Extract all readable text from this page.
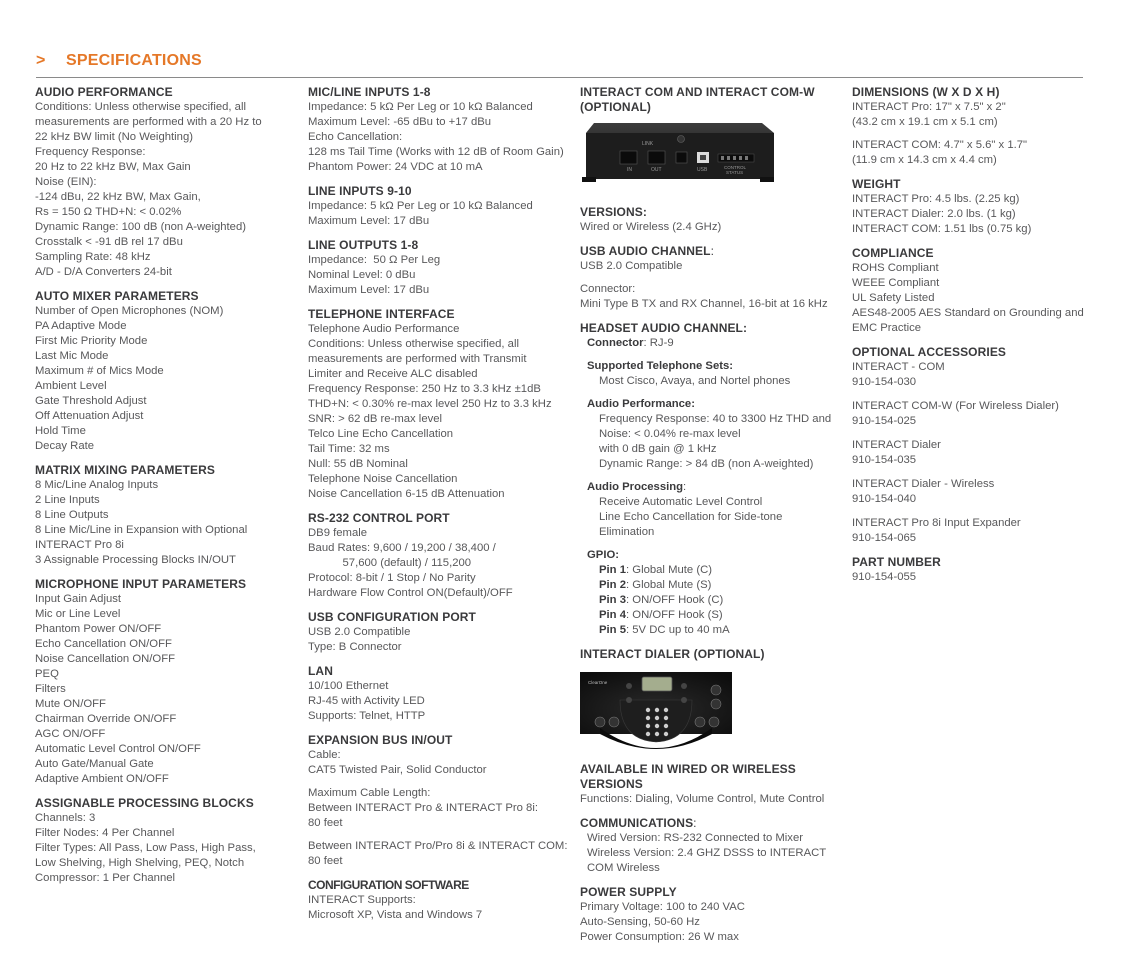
> SPECIFICATIONS
AUDIO PERFORMANCE
Conditions: Unless otherwise specified, all
measurements are performed with a 20 Hz to
22 kHz BW limit (No Weighting)
Frequency Response:
20 Hz to 22 kHz BW, Max Gain
Noise (EIN):
-124 dBu, 22 kHz BW, Max Gain,
Rs = 150 Ω THD+N: < 0.02%
Dynamic Range: 100 dB (non A-weighted)
Crosstalk < -91 dB rel 17 dBu
Sampling Rate: 48 kHz
A/D - D/A Converters 24-bit
AUTO MIXER PARAMETERS
Number of Open Microphones (NOM)
PA Adaptive Mode
First Mic Priority Mode
Last Mic Mode
Maximum # of Mics Mode
Ambient Level
Gate Threshold Adjust
Off Attenuation Adjust
Hold Time
Decay Rate
MATRIX MIXING PARAMETERS
8 Mic/Line Analog Inputs
2 Line Inputs
8 Line Outputs
8 Line Mic/Line in Expansion with Optional
INTERACT Pro 8i
3 Assignable Processing Blocks IN/OUT
MICROPHONE INPUT PARAMETERS
Input Gain Adjust
Mic or Line Level
Phantom Power ON/OFF
Echo Cancellation ON/OFF
Noise Cancellation ON/OFF
PEQ
Filters
Mute ON/OFF
Chairman Override ON/OFF
AGC ON/OFF
Automatic Level Control ON/OFF
Auto Gate/Manual Gate
Adaptive Ambient ON/OFF
ASSIGNABLE PROCESSING BLOCKS
Channels: 3
Filter Nodes: 4 Per Channel
Filter Types: All Pass, Low Pass, High Pass,
Low Shelving, High Shelving, PEQ, Notch
Compressor: 1 Per Channel
MIC/LINE INPUTS 1-8
Impedance: 5 kΩ Per Leg or 10 kΩ Balanced
Maximum Level: -65 dBu to +17 dBu
Echo Cancellation:
128 ms Tail Time (Works with 12 dB of Room Gain)
Phantom Power: 24 VDC at 10 mA
LINE INPUTS 9-10
Impedance: 5 kΩ Per Leg or 10 kΩ Balanced
Maximum Level: 17 dBu
LINE OUTPUTS 1-8
Impedance:  50 Ω Per Leg
Nominal Level: 0 dBu
Maximum Level: 17 dBu
TELEPHONE INTERFACE
Telephone Audio Performance
Conditions: Unless otherwise specified, all
measurements are performed with Transmit
Limiter and Receive ALC disabled
Frequency Response: 250 Hz to 3.3 kHz ±1dB
THD+N: < 0.30% re-max level 250 Hz to 3.3 kHz
SNR: > 62 dB re-max level
Telco Line Echo Cancellation
Tail Time: 32 ms
Null: 55 dB Nominal
Telephone Noise Cancellation
Noise Cancellation 6-15 dB Attenuation
RS-232 CONTROL PORT
DB9 female
Baud Rates: 9,600 / 19,200 / 38,400 /
57,600 (default) / 115,200
Protocol: 8-bit / 1 Stop / No Parity
Hardware Flow Control ON(Default)/OFF
USB CONFIGURATION PORT
USB 2.0 Compatible
Type: B Connector
LAN
10/100 Ethernet
RJ-45 with Activity LED
Supports: Telnet, HTTP
EXPANSION BUS IN/OUT
Cable:
CAT5 Twisted Pair, Solid Conductor
Maximum Cable Length:
Between INTERACT Pro & INTERACT Pro 8i:
80 feet
Between INTERACT Pro/Pro 8i & INTERACT COM:
80 feet
CONFIGURATION SOFTWARE
INTERACT Supports:
Microsoft XP, Vista and Windows 7
INTERACT COM AND INTERACT COM-W
(OPTIONAL)
LINK
IN	OUT	USB	CONTROL
STATUS
VERSIONS:
Wired or Wireless (2.4 GHz)
USB AUDIO CHANNEL:
USB 2.0 Compatible
Connector:
Mini Type B TX and RX Channel, 16-bit at 16 kHz
HEADSET AUDIO CHANNEL:
Connector: RJ-9
Supported Telephone Sets:
Most Cisco, Avaya, and Nortel phones
Audio Performance:
Frequency Response: 40 to 3300 Hz THD and
Noise: < 0.04% re-max level
with 0 dB gain @ 1 kHz
Dynamic Range: > 84 dB (non A-weighted)
Audio Processing:
Receive Automatic Level Control
Line Echo Cancellation for Side-tone
Elimination
GPIO:
Pin 1: Global Mute (C)
Pin 2: Global Mute (S)
Pin 3: ON/OFF Hook (C)
Pin 4: ON/OFF Hook (S)
Pin 5: 5V DC up to 40 mA
INTERACT DIALER (OPTIONAL)
ClearOne
AVAILABLE IN WIRED OR WIRELESS
VERSIONS
Functions: Dialing, Volume Control, Mute Control
COMMUNICATIONS:
Wired Version: RS-232 Connected to Mixer
Wireless Version: 2.4 GHZ DSSS to INTERACT
COM Wireless
POWER SUPPLY
Primary Voltage: 100 to 240 VAC
Auto-Sensing, 50-60 Hz
Power Consumption: 26 W max
DIMENSIONS (W X D X H)
INTERACT Pro: 17" x 7.5" x 2"
(43.2 cm x 19.1 cm x 5.1 cm)
INTERACT COM: 4.7" x 5.6" x 1.7"
(11.9 cm x 14.3 cm x 4.4 cm)
WEIGHT
INTERACT Pro: 4.5 lbs. (2.25 kg)
INTERACT Dialer: 2.0 lbs. (1 kg)
INTERACT COM: 1.51 lbs (0.75 kg)
COMPLIANCE
ROHS Compliant
WEEE Compliant
UL Safety Listed
AES48-2005 AES Standard on Grounding and
EMC Practice
OPTIONAL ACCESSORIES
INTERACT - COM
910-154-030
INTERACT COM-W (For Wireless Dialer)
910-154-025
INTERACT Dialer
910-154-035
INTERACT Dialer - Wireless
910-154-040
INTERACT Pro 8i Input Expander
910-154-065
PART NUMBER
910-154-055
